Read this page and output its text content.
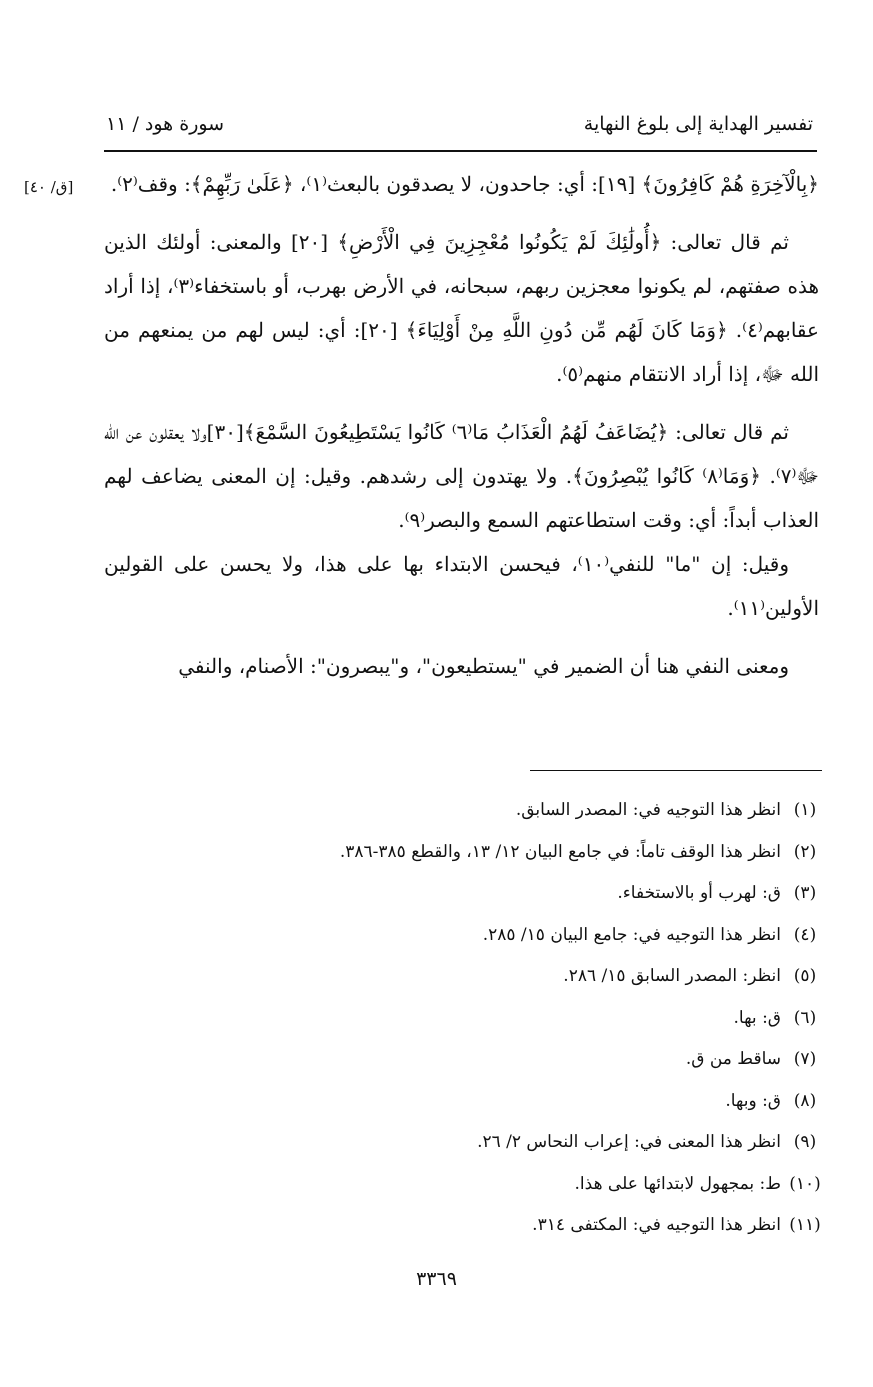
تفسير الهداية إلى بلوغ النهاية
سورة هود / ١١
[ق/ ٤٠]	﴿بِالْآخِرَةِ هُمْ كَافِرُونَ﴾ [١٩]: أي: جاحدون، لا يصدقون بالبعث⁽١⁾، ﴿عَلَىٰ رَبِّهِمْ﴾: وقف⁽٢⁾.

ثم قال تعالى: ﴿أُولَٰئِكَ لَمْ يَكُونُوا مُعْجِزِينَ فِي الْأَرْضِ﴾ [٢٠] والمعنى: أولئك الذين هذه صفتهم، لم يكونوا معجزين ربهم، سبحانه، في الأرض بهرب، أو باستخفاء⁽٣⁾، إذا أراد عقابهم⁽٤⁾. ﴿وَمَا كَانَ لَهُم مِّن دُونِ اللَّهِ مِنْ أَوْلِيَاءَ﴾ [٢٠]: أي: ليس لهم من يمنعهم من الله ﷻ، إذا أراد الانتقام منهم⁽٥⁾.

ثم قال تعالى: ﴿يُضَاعَفُ لَهُمُ الْعَذَابُ مَا⁽٦⁾ كَانُوا يَسْتَطِيعُونَ السَّمْعَ﴾[٣٠]ولا يعقلون عن الله ﷻ⁽٧⁾. ﴿وَمَا⁽٨⁾ كَانُوا يُبْصِرُونَ﴾. ولا يهتدون إلى رشدهم. وقيل: إن المعنى يضاعف لهم العذاب أبداً: أي: وقت استطاعتهم السمع والبصر⁽٩⁾.

وقيل: إن "ما" للنفي⁽١٠⁾، فيحسن الابتداء بها على هذا، ولا يحسن على القولين الأولين⁽١١⁾.

ومعنى النفي هنا أن الضمير في "يستطيعون"، و"يبصرون": الأصنام، والنفي

(١)
انظر هذا التوجيه في: المصدر السابق.
(٢)
انظر هذا الوقف تاماً: في جامع البيان ١٢/ ١٣، والقطع ٣٨٥-٣٨٦.
(٣)
ق: لهرب أو بالاستخفاء.
(٤)
انظر هذا التوجيه في: جامع البيان ١٥/ ٢٨٥.
(٥)
انظر: المصدر السابق ١٥/ ٢٨٦.
(٦)
ق: بها.
(٧)
ساقط من ق.
(٨)
ق: وبها.
(٩)
انظر هذا المعنى في: إعراب النحاس ٢/ ٢٦.
(١٠)
ط: بمجهول لابتدائها على هذا.
(١١)
انظر هذا التوجيه في: المكتفى ٣١٤.
٣٣٦٩
